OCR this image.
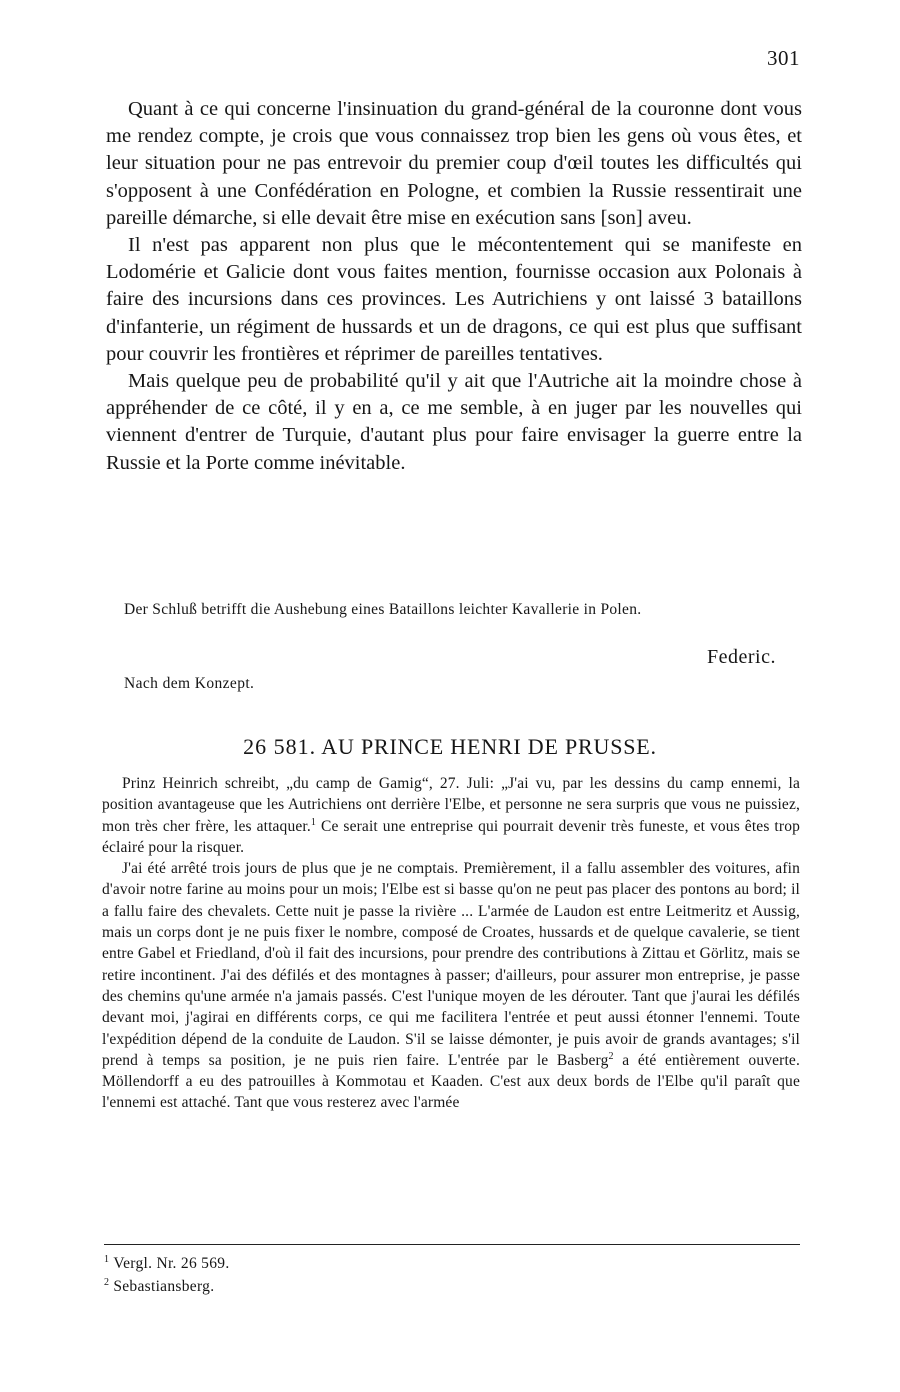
301

Quant à ce qui concerne l'insinuation du grand-général de la couronne dont vous me rendez compte, je crois que vous connaissez trop bien les gens où vous êtes, et leur situation pour ne pas entrevoir du premier coup d'œil toutes les difficultés qui s'opposent à une Confédération en Pologne, et combien la Russie ressentirait une pareille démarche, si elle devait être mise en exécution sans [son] aveu.

Il n'est pas apparent non plus que le mécontentement qui se manifeste en Lodomérie et Galicie dont vous faites mention, fournisse occasion aux Polonais à faire des incursions dans ces provinces. Les Autrichiens y ont laissé 3 bataillons d'infanterie, un régiment de hussards et un de dragons, ce qui est plus que suffisant pour couvrir les frontières et réprimer de pareilles tentatives.

Mais quelque peu de probabilité qu'il y ait que l'Autriche ait la moindre chose à appréhender de ce côté, il y en a, ce me semble, à en juger par les nouvelles qui viennent d'entrer de Turquie, d'autant plus pour faire envisager la guerre entre la Russie et la Porte comme inévitable.

Der Schluß betrifft die Aushebung eines Bataillons leichter Kavallerie in Polen.
Federic.
Nach dem Konzept.
26 581. AU PRINCE HENRI DE PRUSSE.

Prinz Heinrich schreibt, „du camp de Gamig“, 27. Juli: „J'ai vu, par les dessins du camp ennemi, la position avantageuse que les Autrichiens ont derrière l'Elbe, et personne ne sera surpris que vous ne puissiez, mon très cher frère, les attaquer.$^1$ Ce serait une entreprise qui pourrait devenir très funeste, et vous êtes trop éclairé pour la risquer.

J'ai été arrêté trois jours de plus que je ne comptais. Premièrement, il a fallu assembler des voitures, afin d'avoir notre farine au moins pour un mois; l'Elbe est si basse qu'on ne peut pas placer des pontons au bord; il a fallu faire des chevalets. Cette nuit je passe la rivière ... L'armée de Laudon est entre Leitmeritz et Aussig, mais un corps dont je ne puis fixer le nombre, composé de Croates, hussards et de quelque cavalerie, se tient entre Gabel et Friedland, d'où il fait des incursions, pour prendre des contributions à Zittau et Görlitz, mais se retire incontinent. J'ai des défilés et des montagnes à passer; d'ailleurs, pour assurer mon entreprise, je passe des chemins qu'une armée n'a jamais passés. C'est l'unique moyen de les dérouter. Tant que j'aurai les défilés devant moi, j'agirai en différents corps, ce qui me facilitera l'entrée et peut aussi étonner l'ennemi. Toute l'expédition dépend de la conduite de Laudon. S'il se laisse démonter, je puis avoir de grands avantages; s'il prend à temps sa position, je ne puis rien faire. L'entrée par le Basberg$^2$ a été entièrement ouverte. Möllendorff a eu des patrouilles à Kommotau et Kaaden. C'est aux deux bords de l'Elbe qu'il paraît que l'ennemi est attaché. Tant que vous resterez avec l'armée

$^1$ Vergl. Nr. 26 569.
$^2$ Sebastiansberg.
